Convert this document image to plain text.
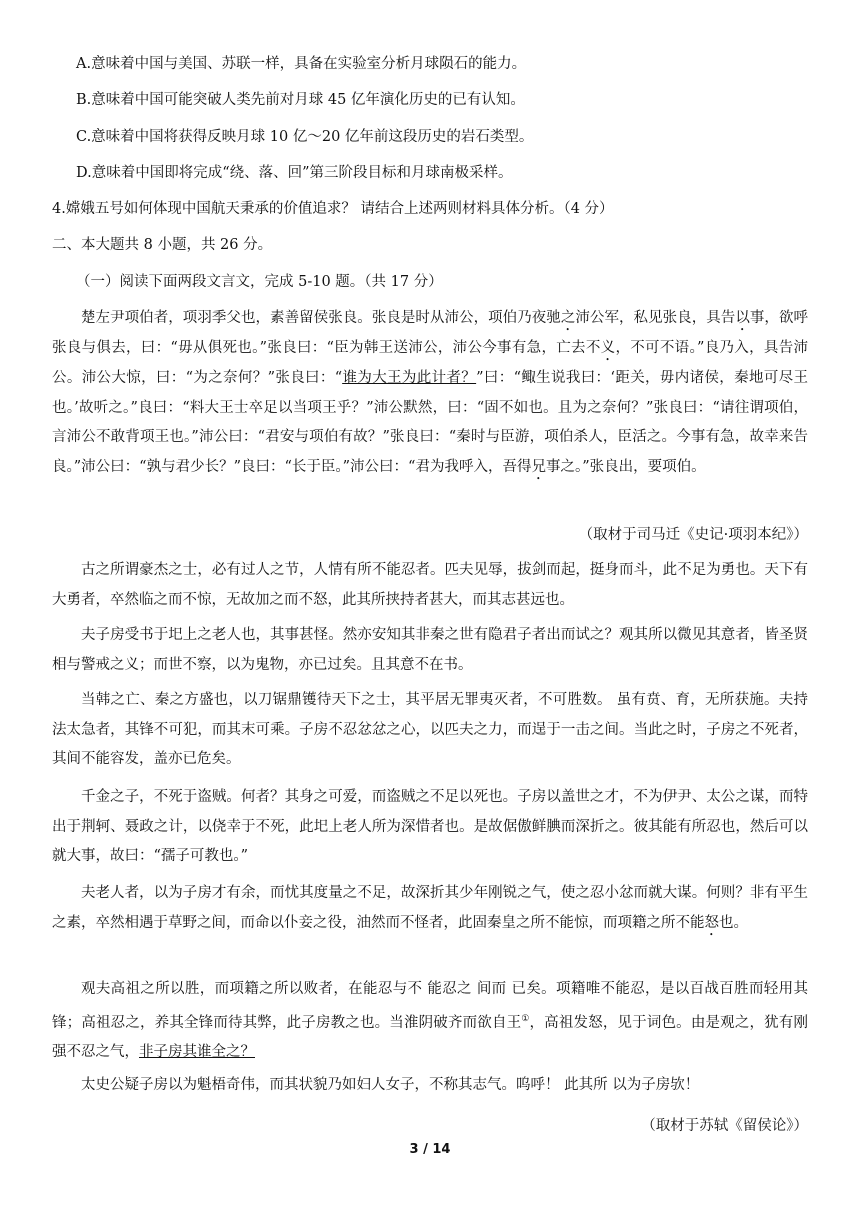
A.意味着中国与美国、苏联一样，具备在实验室分析月球陨石的能力。
B.意味着中国可能突破人类先前对月球 45 亿年演化历史的已有认知。
C.意味着中国将获得反映月球 10 亿～20 亿年前这段历史的岩石类型。
D.意味着中国即将完成“绕、落、回”第三阶段目标和月球南极采样。
4.嫦娥五号如何体现中国航天秉承的价值追求？ 请结合上述两则材料具体分析。（4 分）
二、本大题共 8 小题，共 26 分。
（一）阅读下面两段文言文，完成 5-10 题。（共 17 分）
楚左尹项伯者，项羽季父也，素善留侯张良。张良是时从沛公，项伯乃夜驰之沛公军，私见张良，具告以事，欲呼张良与俱去，曰：“毋从俱死也。”张良曰：“臣为韩王送沛公，沛公今事有急，亡去不义，不可不语。”良乃入，具告沛公。沛公大惊，曰：“为之奈何？”张良曰：“谁为大王为此计者？”曰：“鲰生说我曰：‘距关，毋内诸侯，秦地可尽王也。’故听之。”良曰：“料大王士卒足以当项王乎？”沛公默然，曰：“固不如也。且为之奈何？”张良曰：“请往谓项伯，言沛公不敢背项王也。”沛公曰：“君安与项伯有故？”张良曰：“秦时与臣游，项伯杀人，臣活之。今事有急，故幸来告良。”沛公曰：“孰与君少长？”良曰：“长于臣。”沛公曰：“君为我呼入，吾得兄事之。”张良出，要项伯。
（取材于司马迁《史记·项羽本纪》）
古之所谓豪杰之士，必有过人之节，人情有所不能忍者。匹夫见辱，拔剑而起，挺身而斗，此不足为勇也。天下有大勇者，卒然临之而不惊，无故加之而不怒，此其所挟持者甚大，而其志甚远也。
夫子房受书于圯上之老人也，其事甚怪。然亦安知其非秦之世有隐君子者出而试之？观其所以微见其意者，皆圣贤相与警戒之义；而世不察，以为鬼物，亦已过矣。且其意不在书。
当韩之亡、秦之方盛也，以刀锯鼎镬待天下之士，其平居无罪夷灭者，不可胜数。 虽有贲、育，无所获施。夫持法太急者，其锋不可犯，而其末可乘。子房不忍忿忿之心，以匹夫之力，而逞于一击之间。当此之时，子房之不死者，其间不能容发，盖亦已危矣。
千金之子，不死于盗贼。何者？其身之可爱，而盗贼之不足以死也。子房以盖世之才，不为伊尹、太公之谋，而特出于荆轲、聂政之计，以侥幸于不死，此圯上老人所为深惜者也。是故倨傲鲜腆而深折之。彼其能有所忍也，然后可以就大事，故曰：“孺子可教也。”
夫老人者，以为子房才有余，而忧其度量之不足，故深折其少年刚锐之气，使之忍小忿而就大谋。何则？非有平生之素，卒然相遇于草野之间，而命以仆妾之役，油然而不怪者，此固秦皇之所不能惊，而项籍之所不能怒也。
观夫高祖之所以胜，而项籍之所以败者，在能忍与不 能忍之 间而 已矣。项籍唯不能忍，是以百战百胜而轻用其锋；高祖忍之，养其全锋而待其弊，此子房教之也。当淮阴破齐而欲自王①，高祖发怒，见于词色。由是观之，犹有刚强不忍之气，非子房其谁全之？
太史公疑子房以为魁梧奇伟，而其状貌乃如妇人女子，不称其志气。呜呼！ 此其所 以为子房欤！
（取材于苏轼《留侯论》）
3 / 14
